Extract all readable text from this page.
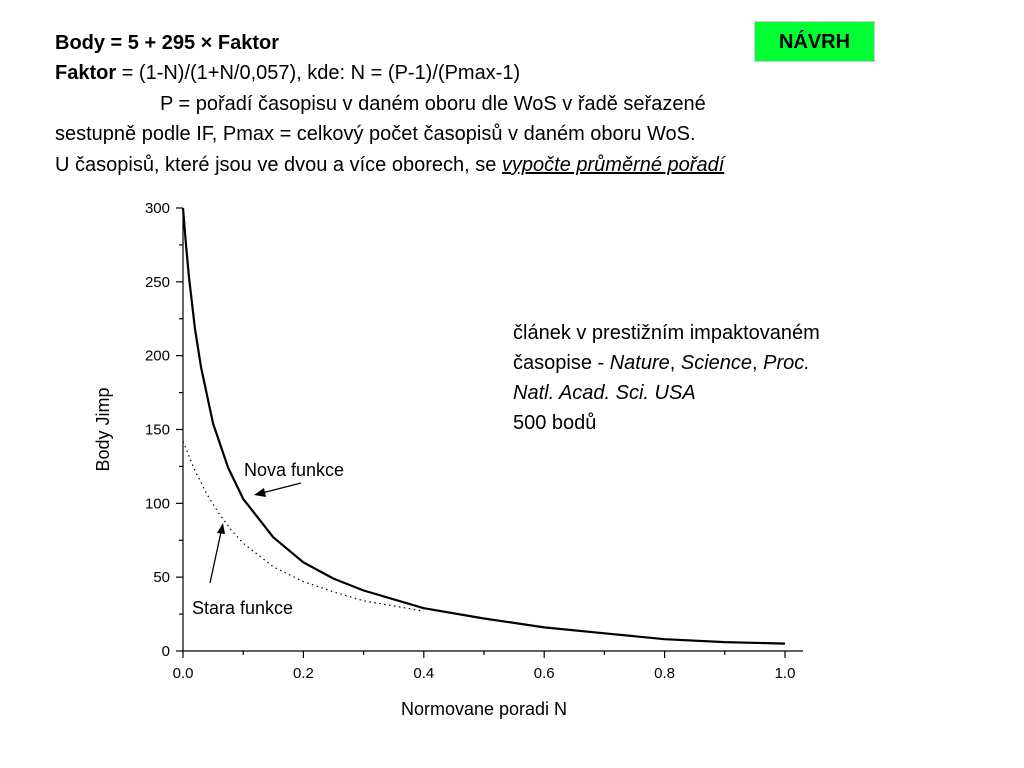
Body = 5 + 295 × Faktor
Faktor = (1-N)/(1+N/0,057), kde: N = (P-1)/(Pmax-1)
P = pořadí časopisu v daném oboru dle WoS v řadě seřazené
sestupně podle IF, Pmax = celkový počet časopisů v daném oboru WoS.
U časopisů, které jsou ve dvou a více oborech, se vypočte průměrné pořadí
NÁVRH
článek v prestižním impaktovaném
časopise - Nature, Science, Proc.
Natl. Acad. Sci. USA
500 bodů
0.0	0.2	0.4	0.6	0.8	1.0
0
50
100
150
200
250
300
Normovane poradi N
Body Jimp	Nova funkce
Stara funkce
